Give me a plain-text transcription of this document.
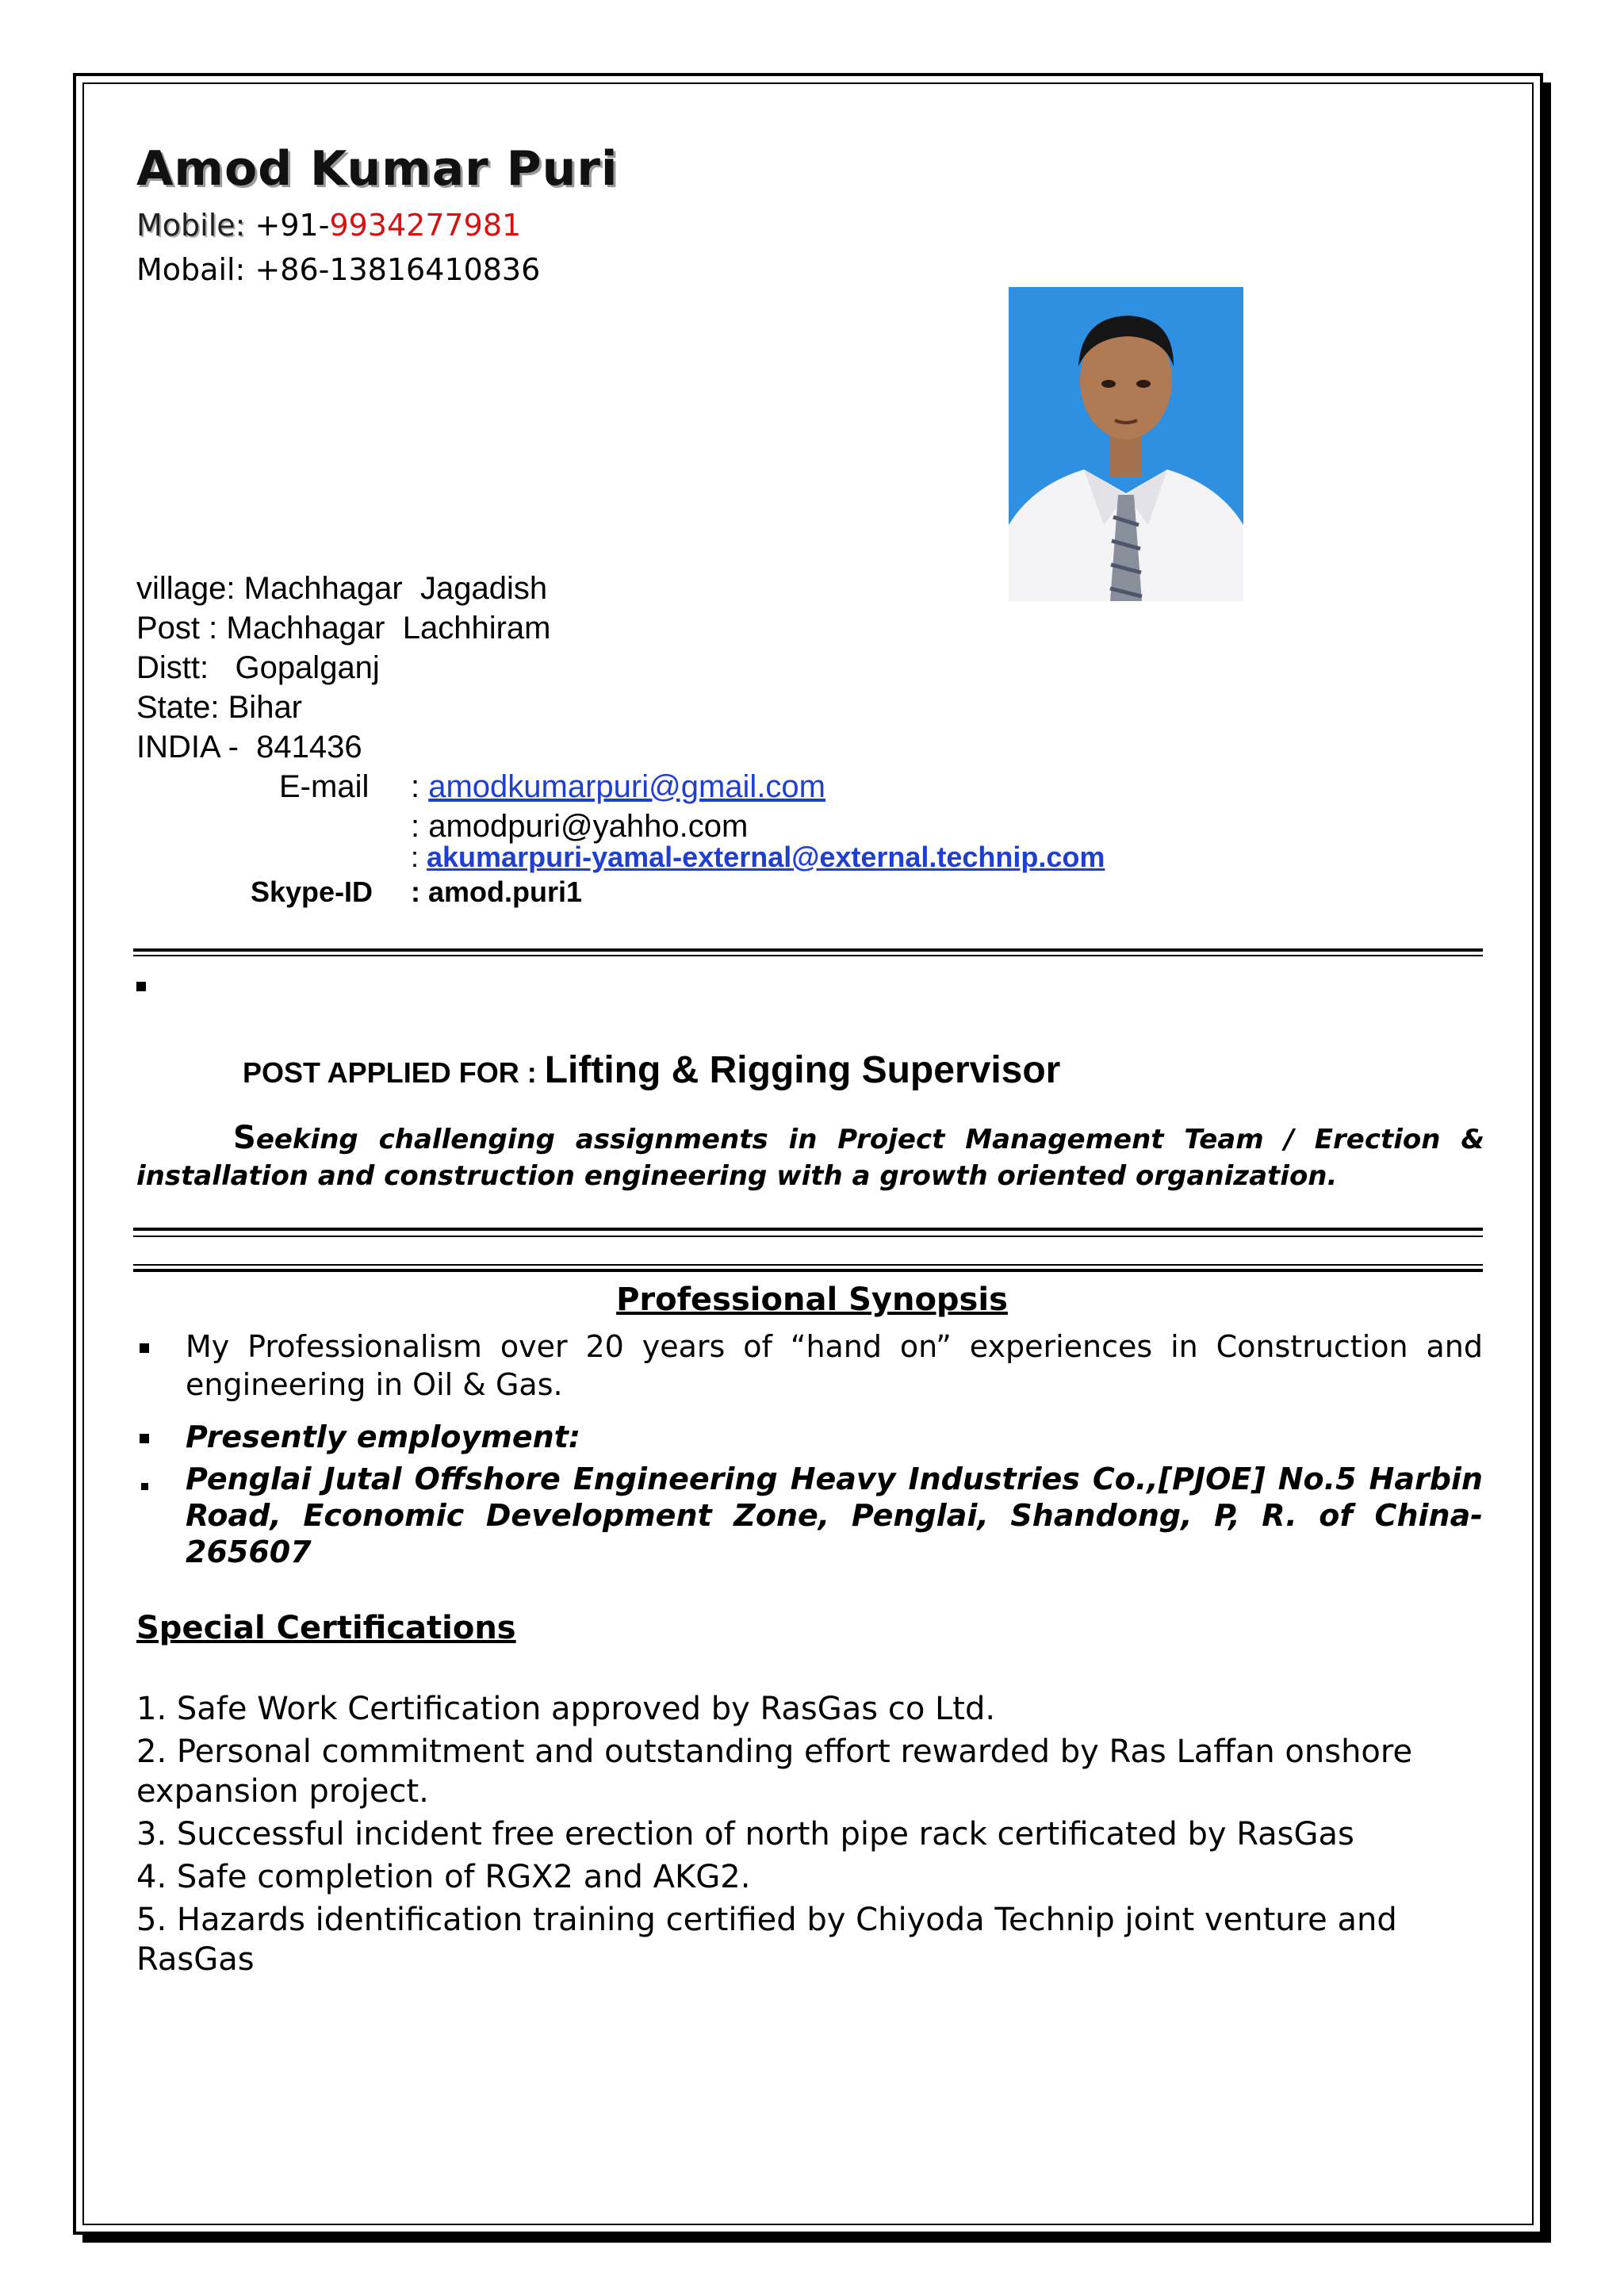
Amod Kumar Puri
Mobile: +91-9934277981
Mobail: +86-13816410836
village: Machhagar  Jagadish
Post : Machhagar  Lachhiram
Distt:   Gopalganj
State: Bihar
INDIA -  841436
E-mail : amodkumarpuri@gmail.com
: amodpuri@yahho.com
: akumarpuri-yamal-external@external.technip.com
Skype-ID : amod.puri1
POST APPLIED FOR : Lifting & Rigging Supervisor

Seeking challenging assignments in Project Management Team / Erection & installation and construction engineering with a growth oriented organization.

Professional Synopsis

My Professionalism over 20 years of “hand on” experiences in Construction and engineering in Oil & Gas.

Presently employment:

Penglai Jutal Offshore Engineering Heavy Industries Co.,[PJOE] No.5 Harbin Road, Economic Development Zone, Penglai, Shandong, P, R. of China-265607

Special Certifications

1. Safe Work Certification approved by RasGas co Ltd.

2. Personal commitment and outstanding effort rewarded by Ras Laffan onshore expansion project.

3. Successful incident free erection of north pipe rack certificated by RasGas

4. Safe completion of RGX2 and AKG2.

5. Hazards identification training certified by Chiyoda Technip joint venture and RasGas
